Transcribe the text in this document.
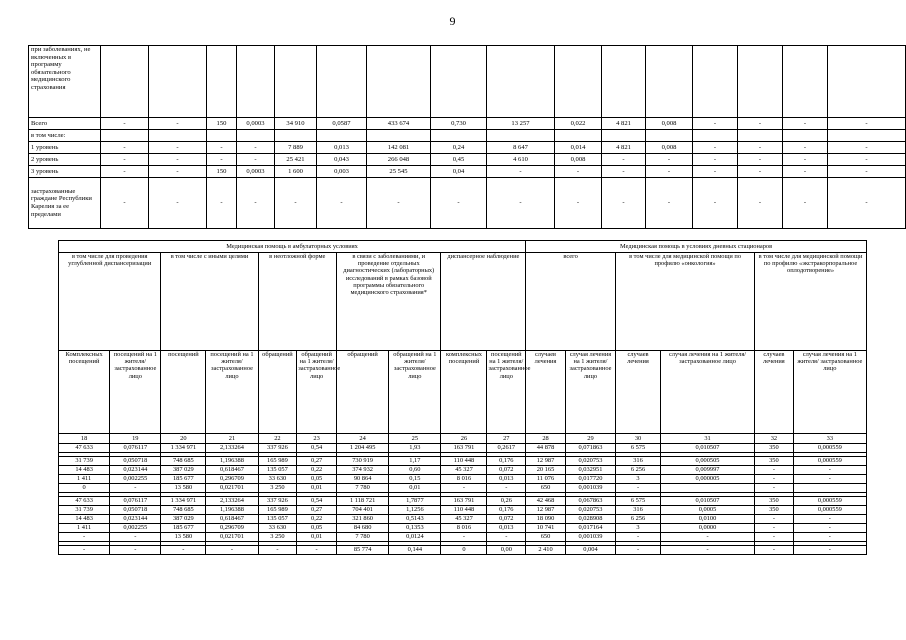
9
при заболеваниях, не включенных в программу обязательного медицинского страхования																
Всего	-	-	150	0,0003	34 910	0,0587	433 674	0,730	13 257	0,022	4 821	0,008	-	-	-	-
в том числе:																
1 уровень	-	-	-	-	7 889	0,013	142 081	0,24	8 647	0,014	4 821	0,008	-	-	-	-
2 уровень	-	-	-	-	25 421	0,043	266 048	0,45	4 610	0,008	-	-	-	-	-	-
3 уровень	-	-	150	0,0003	1 600	0,003	25 545	0,04	-	-	-	-	-	-	-	-
застрахованные граждане Республики Карелия за ее пределами	-	-	-	-	-	-	-	-	-	-	-	-	-	-	-	-
Медицинская помощь в амбулаторных условиях										Медицинская помощь в условиях дневных стационаров					
в том числе для проведения углубленной диспансеризации		в том числе с иными целями		в неотложной форме		в связи с заболеваниями, и проведение отдельных диагностических (лабораторных) исследований в рамках базовой программы обязательного медицинского страхования*		диспансерное наблюдение		всего		в том числе для медицинской помощи по профилю «онкология»		в том числе для медицинской помощи по профилю «экстракорпоральное оплодотворение»	
Комплексных посещений	посещений на 1 жителя/ застрахованное лицо	посещений	посещений на 1 жителя/ застрахованное лицо	обращений	обращений на 1 жителя/ застрахованное лицо	обращений	обращений на 1 жителя/ застрахованное лицо	комплексных посещений	посещений на 1 жителя/ застрахованное лицо	случаев лечения	случая лечения на 1 жителя/ застрахованное лицо	случаев лечения	случая лечения на 1 жителя/ застрахованное лицо	случаев лечения	случая лечения на 1 жителя/ застрахованное лицо
18	19	20	21	22	23	24	25	26	27	28	29	30	31	32	33
47 633	0,076117	1 334 971	2,133264	337 926	0,54	1 204 495	1,93	163 791	0,2617	44 878	0,071863	6 575	0,010507	350	0,000559

31 739	0,050718	748 685	1,196388	165 989	0,27	730 919	1,17	110 448	0,176	12 987	0,020753	316	0,000505	350	0,000559
14 483	0,023144	387 029	0,618467	135 057	0,22	374 932	0,60	45 327	0,072	20 165	0,032951	6 256	0,009997	-	-
1 411	0,002255	185 677	0,296709	33 630	0,05	90 864	0,15	8 016	0,013	11 076	0,017720	3	0,000005	-	-
0	-	13 580	0,021701	3 250	0,01	7 780	0,01	-	-	650	0,001039	-		-	

47 633	0,076117	1 334 971	2,133264	337 926	0,54	1 118 721	1,7877	163 791	0,26	42 468	0,067863	6 575	0,010507	350	0,000559
31 739	0,050718	748 685	1,196388	165 989	0,27	704 401	1,1256	110 448	0,176	12 987	0,020753	316	0,0005	350	0,000559
14 483	0,023144	387 029	0,618467	135 057	0,22	321 860	0,5143	45 327	0,072	18 090	0,028908	6 256	0,0100	-	-
1 411	0,002255	185 677	0,296709	33 630	0,05	84 680	0,1353	8 016	0,013	10 741	0,017164	3	0,0000	-	-
-	-	13 580	0,021701	3 250	0,01	7 780	0,0124	-	-	650	0,001039	-	-	-	-

-	-	-	-	-	-	85 774	0,144	0	0,00	2 410	0,004	-	-	-	-
